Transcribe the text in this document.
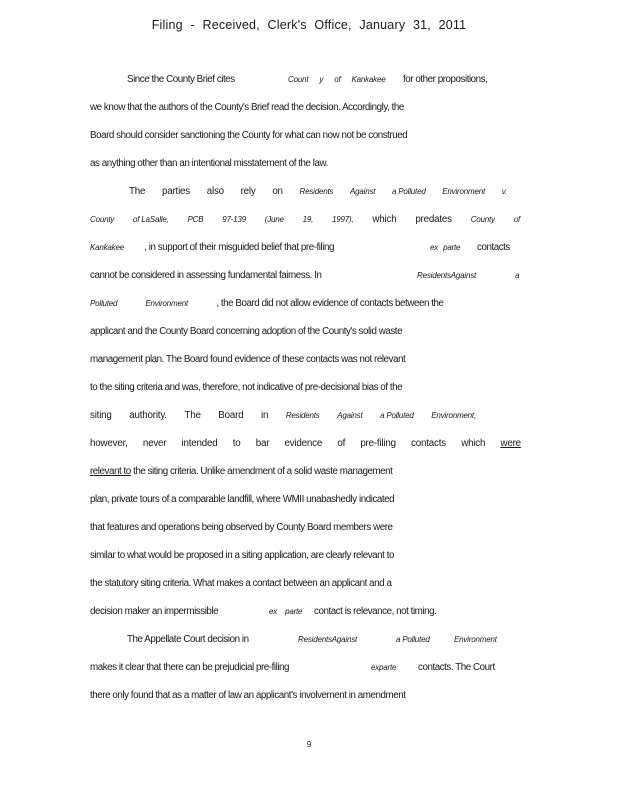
Filing - Received, Clerk's Office, January 31, 2011
Since the County Brief cites	Count y of Kankakee for other propositions,
we know that the authors of the County's Brief read the decision. Accordingly, the
Board should consider sanctioning the County for what can now not be construed
as anything other than an intentional misstatement of the law.
The parties also rely on Residents Against a Polluted Environment v.
County of LaSalle, PCB 97-139 (June 19, 1997), which predates County of
Kankakee , in support of their misguided belief that pre-filing	ex parte contacts
cannot be considered in assessing fundamental fairness. In	ResidentsAgainst	a
Polluted Environment	, the Board did not allow evidence of contacts between the
applicant and the County Board concerning adoption of the County's solid waste
management plan. The Board found evidence of these contacts was not relevant
to the siting criteria and was, therefore, not indicative of pre-decisional bias of the
siting authority. The Board in Residents Against a Polluted Environment,
however, never intended to bar evidence of pre-filing contacts which were
relevant to the siting criteria. Unlike amendment of a solid waste management
plan, private tours of a comparable landfill, where WMII unabashedly indicated
that features and operations being observed by County Board members were
similar to what would be proposed in a siting application, are clearly relevant to
the statutory siting criteria. What makes a contact between an applicant and a
decision maker an impermissible	ex parte contact is relevance, not timing.
The Appellate Court decision in	ResidentsAgainst	a Polluted	Environment
makes it clear that there can be prejudicial pre-filing	exparte contacts. The Court
there only found that as a matter of law an applicant's involvement in amendment
9
